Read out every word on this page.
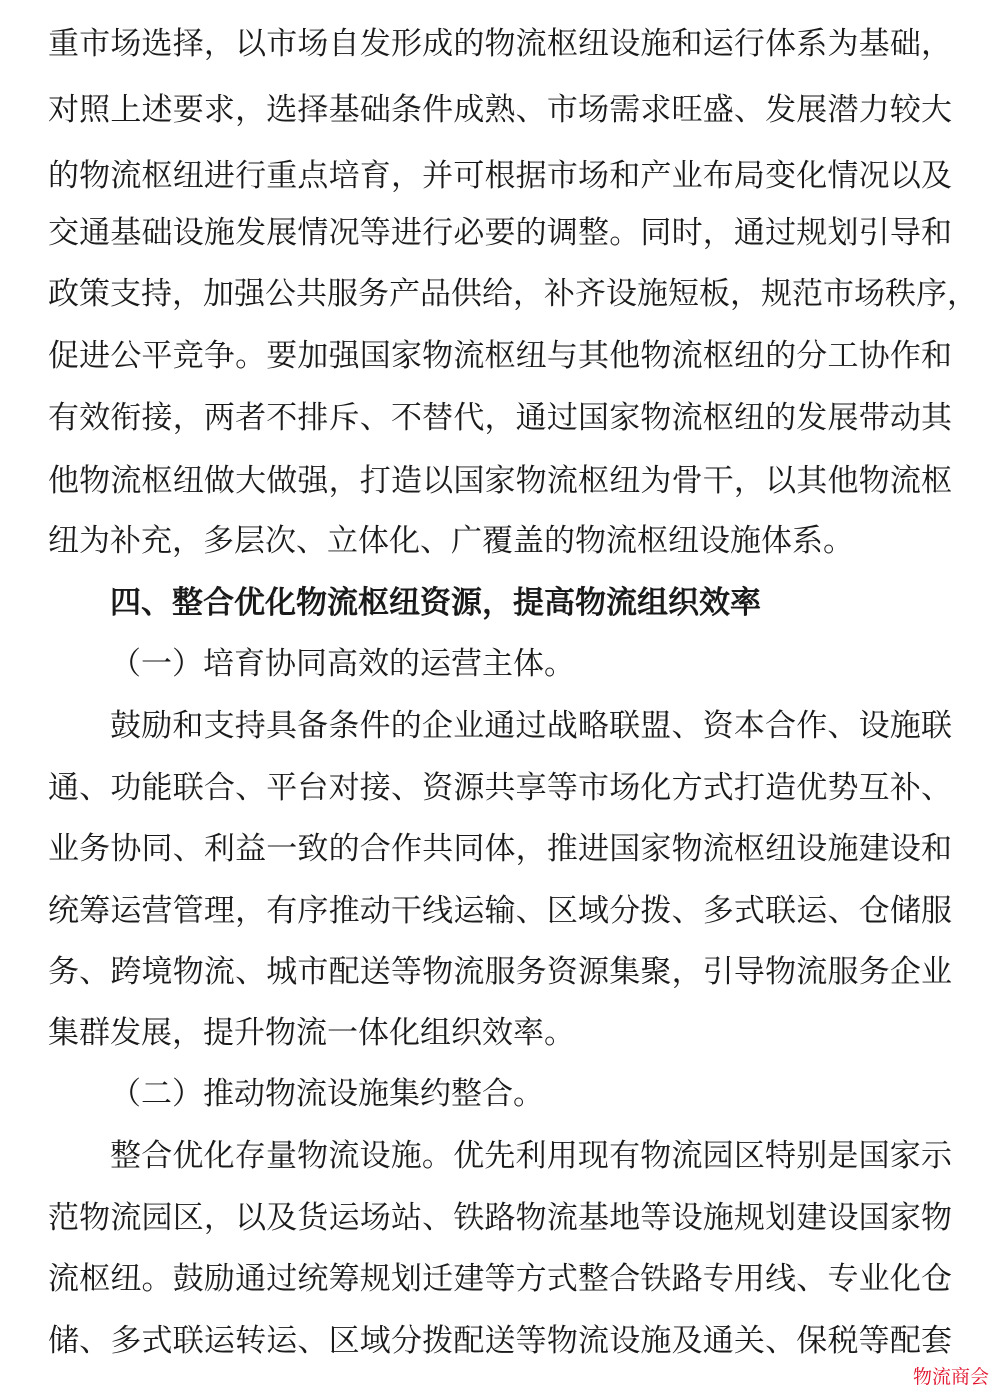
重市场选择，以市场自发形成的物流枢纽设施和运行体系为基础，
对照上述要求，选择基础条件成熟、市场需求旺盛、发展潜力较大
的物流枢纽进行重点培育，并可根据市场和产业布局变化情况以及
交通基础设施发展情况等进行必要的调整。同时，通过规划引导和
政策支持，加强公共服务产品供给，补齐设施短板，规范市场秩序，
促进公平竞争。要加强国家物流枢纽与其他物流枢纽的分工协作和
有效衔接，两者不排斥、不替代，通过国家物流枢纽的发展带动其
他物流枢纽做大做强，打造以国家物流枢纽为骨干，以其他物流枢
纽为补充，多层次、立体化、广覆盖的物流枢纽设施体系。
四、整合优化物流枢纽资源，提高物流组织效率
（一）培育协同高效的运营主体。
鼓励和支持具备条件的企业通过战略联盟、资本合作、设施联
通、功能联合、平台对接、资源共享等市场化方式打造优势互补、
业务协同、利益一致的合作共同体，推进国家物流枢纽设施建设和
统筹运营管理，有序推动干线运输、区域分拨、多式联运、仓储服
务、跨境物流、城市配送等物流服务资源集聚，引导物流服务企业
集群发展，提升物流一体化组织效率。
（二）推动物流设施集约整合。
整合优化存量物流设施。优先利用现有物流园区特别是国家示
范物流园区，以及货运场站、铁路物流基地等设施规划建设国家物
流枢纽。鼓励通过统筹规划迁建等方式整合铁路专用线、专业化仓
储、多式联运转运、区域分拨配送等物流设施及通关、保税等配套
物流商会
